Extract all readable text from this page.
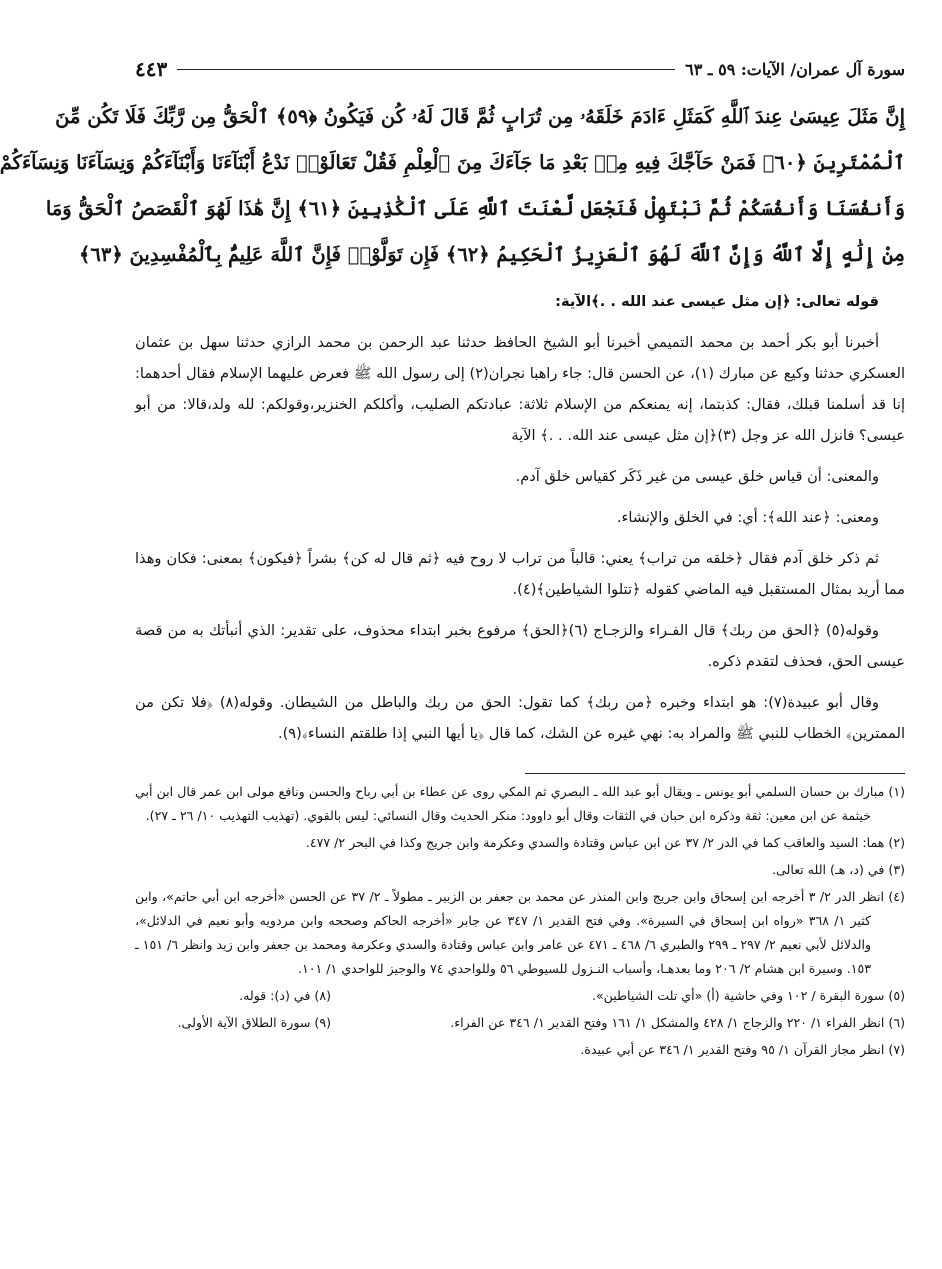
سورة آل عمران/ الآيات: ٥٩ ـ ٦٣
٤٤٣
إِنَّ مَثَلَ عِيسَىٰ عِندَ ٱللَّهِ كَمَثَلِ ءَادَمَ خَلَقَهُۥ مِن تُرَابٍ ثُمَّ قَالَ لَهُۥ كُن فَيَكُونُ ﴿٥٩﴾ ٱلْحَقُّ مِن رَّبِّكَ فَلَا تَكُن مِّنَ
ٱلْمُمْتَرِينَ ﴿٦٠﴾ فَمَنْ حَآجَّكَ فِيهِ مِنۢ بَعْدِ مَا جَآءَكَ مِنَ ٱلْعِلْمِ فَقُلْ تَعَالَوْا۟ نَدْعُ أَبْنَآءَنَا وَأَبْنَآءَكُمْ وَنِسَآءَنَا وَنِسَآءَكُمْ
وَأَنفُسَنَا وَأَنفُسَكُمْ ثُمَّ نَبْتَهِلْ فَنَجْعَل لَّعْنَتَ ٱللَّهِ عَلَى ٱلْكَٰذِبِينَ ﴿٦١﴾ إِنَّ هَٰذَا لَهُوَ ٱلْقَصَصُ ٱلْحَقُّ وَمَا
مِنْ إِلَٰهٍ إِلَّا ٱللَّهُ وَإِنَّ ٱللَّهَ لَهُوَ ٱلْعَزِيزُ ٱلْحَكِيمُ ﴿٦٢﴾ فَإِن تَوَلَّوْا۟ فَإِنَّ ٱللَّهَ عَلِيمٌۢ بِٱلْمُفْسِدِينَ ﴿٦٣﴾

قوله تعالى: ﴿إن مثل عيسى عند الله . .﴾الآية:

أخبرنا أبو بكر أحمد بن محمد التميمي أخبرنا أبو الشيخ الحافظ حدثنا عبد الرحمن بن محمد الرازي حدثنا سهل بن عثمان العسكري حدثنا وكيع عن مبارك (١)، عن الحسن قال: جاء راهبا نجران(٢) إلى رسول الله ﷺ فعرض عليهما الإسلام فقال أحدهما: إنا قد أسلمنا قبلك، فقال: كذبتما، إنه يمنعكم من الإسلام ثلاثة: عبادتكم الصليب، وأكلكم الخنزير،وقولكم: لله ولد،قالا: من أبو عيسى؟ فانزل الله عز وجل (٣)﴿إن مثل عيسى عند الله. . .﴾ الآية

والمعنى: أن قياس خلق عيسى من غير ذَكَر كقياس خلق آدم.

ومعنى: ﴿عند الله﴾: أي: في الخلق والإنشاء.

ثم ذكر خلق آدم فقال ﴿خلقه من تراب﴾ يعني: قالباً من تراب لا روح فيه ﴿ثم قال له كن﴾ بشراً ﴿فيكون﴾ بمعنى: فكان وهذا مما أريد بمثال المستقبل فيه الماضي كقوله ﴿تتلوا الشياطين﴾(٤).

وقوله(٥) ﴿الحق من ربك﴾ قال الفـراء والزجـاج (٦)﴿الحق﴾ مرفوع بخبر ابتداء محذوف، على تقدير: الذي أنبأتك به من قصة عيسى الحق، فحذف لتقدم ذكره.

وقال أبو عبيدة(٧): هو ابتداء وخبره ﴿من ربك﴾ كما تقول: الحق من ربك والباطل من الشيطان. وقوله(٨) ﴿فلا تكن من الممترين﴾ الخطاب للنبي ﷺ والمراد به: نهي غيره عن الشك، كما قال ﴿يا أيها النبي إذا طلقتم النساء﴾(٩).

(١) مبارك بن حسان السلمي أبو يونس ـ ويقال أبو عبد الله ـ البصري ثم المكي روى عن عطاء بن أبي رباح والحسن ونافع مولى ابن عمر قال ابن أبي خيثمة عن ابن معين: ثقة وذكره ابن حبان في الثقات وقال أبو داوود: منكر الحديث وقال النسائي: ليس بالقوي. (تهذيب التهذيب ١٠/ ٢٦ ـ ٢٧).

(٢) هما: السيد والعاقب كما في الدر ٢/ ٣٧ عن ابن عباس وقتادة والسدي وعكرمة وابن جريج وكذا في البحر ٢/ ٤٧٧.

(٣) في (د، هـ) الله تعالى.

(٤) انظر الدر ٢/ ٣ أخرجه ابن إسحاق وابن جريج وابن المنذر عن محمد بن جعفر بن الزبير ـ مطولاً ـ ٢/ ٣٧ عن الحسن «أخرجه ابن أبي حاتم»، وابن كثير ١/ ٣٦٨ «رواه ابن إسحاق في السيرة». وفي فتح القدير ١/ ٣٤٧ عن جابر «أخرجه الحاكم وصححه وابن مردويه وأبو نعيم في الدلائل»، والدلائل لأبي نعيم ٢/ ٢٩٧ ـ ٢٩٩ والطبري ٦/ ٤٦٨ ـ ٤٧١ عن عامر وابن عباس وقتادة والسدي وعكرمة ومحمد بن جعفر وابن زيد وانظر ٦/ ١٥١ ـ ١٥٣. وسيرة ابن هشام ٢/ ٢٠٦ وما بعدهـا، وأسباب النـزول للسيوطي ٥٦ وللواحدي ٧٤ والوجيز للواحدي ١/ ١٠١.

(٥) سورة البقرة / ١٠٢ وفي حاشية (أ) «أي تلت الشياطين».
(٨) في (د): قوله.
(٦) انظر الفراء ١/ ٢٢٠ والزجاج ١/ ٤٢٨ والمشكل ١/ ١٦١ وفتح القدير ١/ ٣٤٦ عن الفراء.
(٩) سورة الطلاق الآية الأولى.

(٧) انظر مجاز القرآن ١/ ٩٥ وفتح القدير ١/ ٣٤٦ عن أبي عبيدة.
